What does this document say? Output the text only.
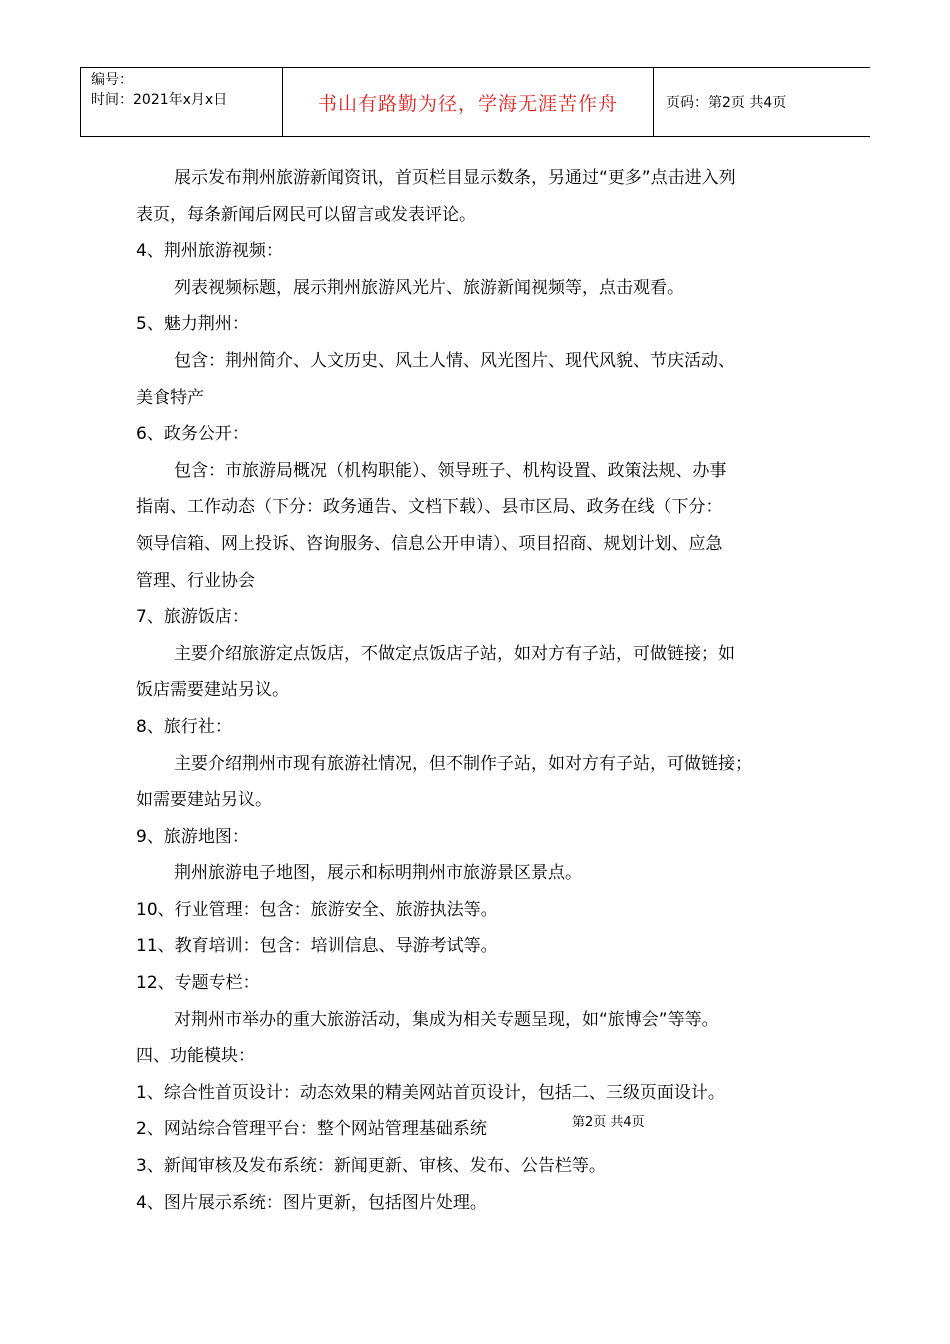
编号：
时间：2021年x月x日	书山有路勤为径，学海无涯苦作舟	页码：第2页 共4页
展示发布荆州旅游新闻资讯，首页栏目显示数条，另通过“更多”点击进入列
表页，每条新闻后网民可以留言或发表评论。
4、荆州旅游视频：
列表视频标题，展示荆州旅游风光片、旅游新闻视频等，点击观看。
5、魅力荆州：
包含：荆州简介、人文历史、风土人情、风光图片、现代风貌、节庆活动、
美食特产
6、政务公开：
包含：市旅游局概况（机构职能）、领导班子、机构设置、政策法规、办事
指南、工作动态（下分：政务通告、文档下载）、县市区局、政务在线（下分：
领导信箱、网上投诉、咨询服务、信息公开申请）、项目招商、规划计划、应急
管理、行业协会
7、旅游饭店：
主要介绍旅游定点饭店，不做定点饭店子站，如对方有子站，可做链接；如
饭店需要建站另议。
8、旅行社：
主要介绍荆州市现有旅游社情况，但不制作子站，如对方有子站，可做链接；
如需要建站另议。
9、旅游地图：
荆州旅游电子地图，展示和标明荆州市旅游景区景点。
10、行业管理：包含：旅游安全、旅游执法等。
11、教育培训：包含：培训信息、导游考试等。
12、专题专栏：
对荆州市举办的重大旅游活动，集成为相关专题呈现，如“旅博会”等等。
四、功能模块：
1、综合性首页设计：动态效果的精美网站首页设计，包括二、三级页面设计。
2、网站综合管理平台：整个网站管理基础系统
3、新闻审核及发布系统：新闻更新、审核、发布、公告栏等。
4、图片展示系统：图片更新，包括图片处理。
第2页 共4页
